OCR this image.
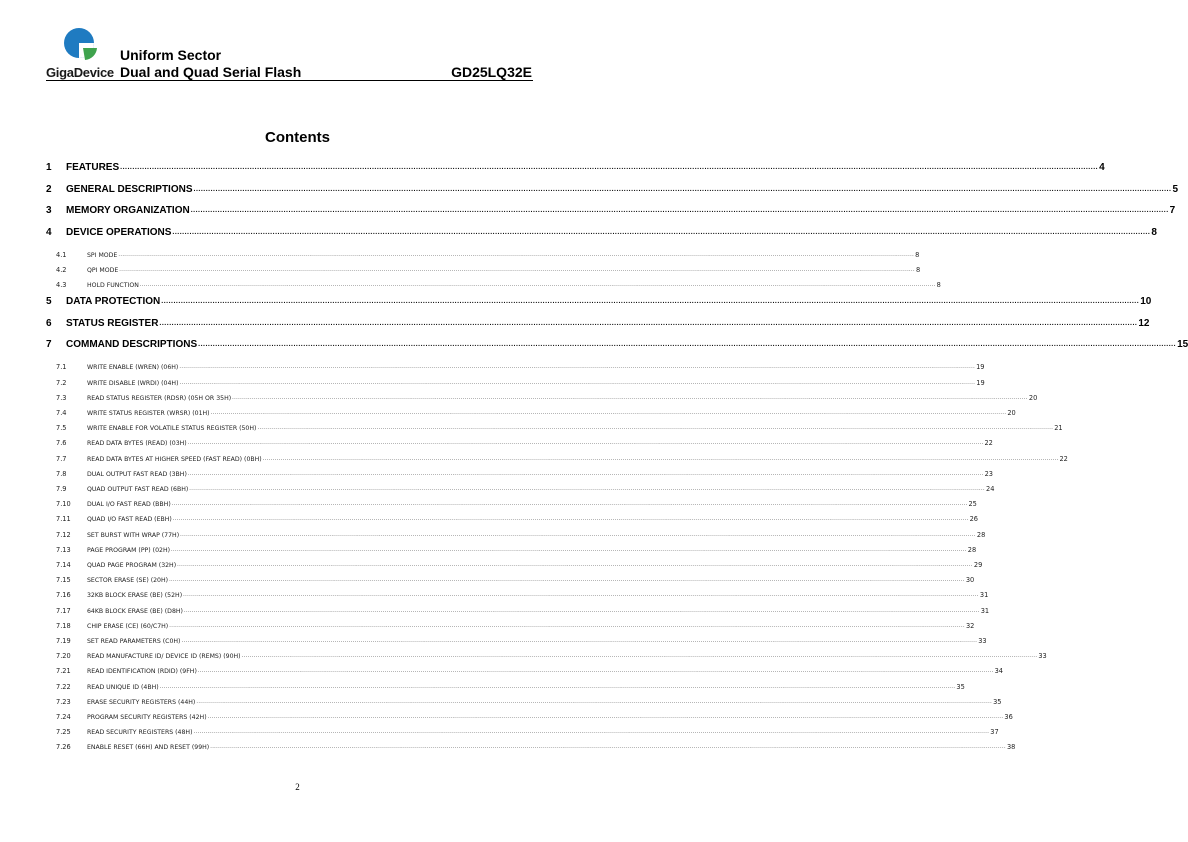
GigaDevice
Uniform Sector
Dual and Quad Serial Flash	GD25LQ32E
Contents
1	FEATURES ................................................................................................................................................................................................................................................................................................................................................................................................................ 4
2	GENERAL DESCRIPTIONS ................................................................................................................................................................................................................................................................................................................................................................................................................ 5
3	MEMORY ORGANIZATION ................................................................................................................................................................................................................................................................................................................................................................................................................ 7
4	DEVICE OPERATIONS ................................................................................................................................................................................................................................................................................................................................................................................................................ 8
4.1	SPI MODE ................................................................................................................................................................................................................................................................................................................................................................................................................ 8
4.2	QPI MODE ................................................................................................................................................................................................................................................................................................................................................................................................................ 8
4.3	HOLD FUNCTION ................................................................................................................................................................................................................................................................................................................................................................................................................ 8
5	DATA PROTECTION ................................................................................................................................................................................................................................................................................................................................................................................................................ 10
6	STATUS REGISTER ................................................................................................................................................................................................................................................................................................................................................................................................................ 12
7	COMMAND DESCRIPTIONS ................................................................................................................................................................................................................................................................................................................................................................................................................ 15
7.1	WRITE ENABLE (WREN) (06H) ................................................................................................................................................................................................................................................................................................................................................................................................................ 19
7.2	WRITE DISABLE (WRDI) (04H) ................................................................................................................................................................................................................................................................................................................................................................................................................ 19
7.3	READ STATUS REGISTER (RDSR) (05H OR 35H) ................................................................................................................................................................................................................................................................................................................................................................................................................ 20
7.4	WRITE STATUS REGISTER (WRSR) (01H) ................................................................................................................................................................................................................................................................................................................................................................................................................ 20
7.5	WRITE ENABLE FOR VOLATILE STATUS REGISTER (50H) ................................................................................................................................................................................................................................................................................................................................................................................................................ 21
7.6	READ DATA BYTES (READ) (03H) ................................................................................................................................................................................................................................................................................................................................................................................................................ 22
7.7	READ DATA BYTES AT HIGHER SPEED (FAST READ) (0BH) ................................................................................................................................................................................................................................................................................................................................................................................................................ 22
7.8	DUAL OUTPUT FAST READ (3BH) ................................................................................................................................................................................................................................................................................................................................................................................................................ 23
7.9	QUAD OUTPUT FAST READ (6BH) ................................................................................................................................................................................................................................................................................................................................................................................................................ 24
7.10	DUAL I/O FAST READ (BBH) ................................................................................................................................................................................................................................................................................................................................................................................................................ 25
7.11	QUAD I/O FAST READ (EBH) ................................................................................................................................................................................................................................................................................................................................................................................................................ 26
7.12	SET BURST WITH WRAP (77H) ................................................................................................................................................................................................................................................................................................................................................................................................................ 28
7.13	PAGE PROGRAM (PP) (02H) ................................................................................................................................................................................................................................................................................................................................................................................................................ 28
7.14	QUAD PAGE PROGRAM (32H) ................................................................................................................................................................................................................................................................................................................................................................................................................ 29
7.15	SECTOR ERASE (SE) (20H) ................................................................................................................................................................................................................................................................................................................................................................................................................ 30
7.16	32KB BLOCK ERASE (BE) (52H) ................................................................................................................................................................................................................................................................................................................................................................................................................ 31
7.17	64KB BLOCK ERASE (BE) (D8H) ................................................................................................................................................................................................................................................................................................................................................................................................................ 31
7.18	CHIP ERASE (CE) (60/C7H) ................................................................................................................................................................................................................................................................................................................................................................................................................ 32
7.19	SET READ PARAMETERS (C0H) ................................................................................................................................................................................................................................................................................................................................................................................................................ 33
7.20	READ MANUFACTURE ID/ DEVICE ID (REMS) (90H) ................................................................................................................................................................................................................................................................................................................................................................................................................ 33
7.21	READ IDENTIFICATION (RDID) (9FH) ................................................................................................................................................................................................................................................................................................................................................................................................................ 34
7.22	READ UNIQUE ID (4BH) ................................................................................................................................................................................................................................................................................................................................................................................................................ 35
7.23	ERASE SECURITY REGISTERS (44H) ................................................................................................................................................................................................................................................................................................................................................................................................................ 35
7.24	PROGRAM SECURITY REGISTERS (42H) ................................................................................................................................................................................................................................................................................................................................................................................................................ 36
7.25	READ SECURITY REGISTERS (48H) ................................................................................................................................................................................................................................................................................................................................................................................................................ 37
7.26	ENABLE RESET (66H) AND RESET (99H) ................................................................................................................................................................................................................................................................................................................................................................................................................ 38
2
